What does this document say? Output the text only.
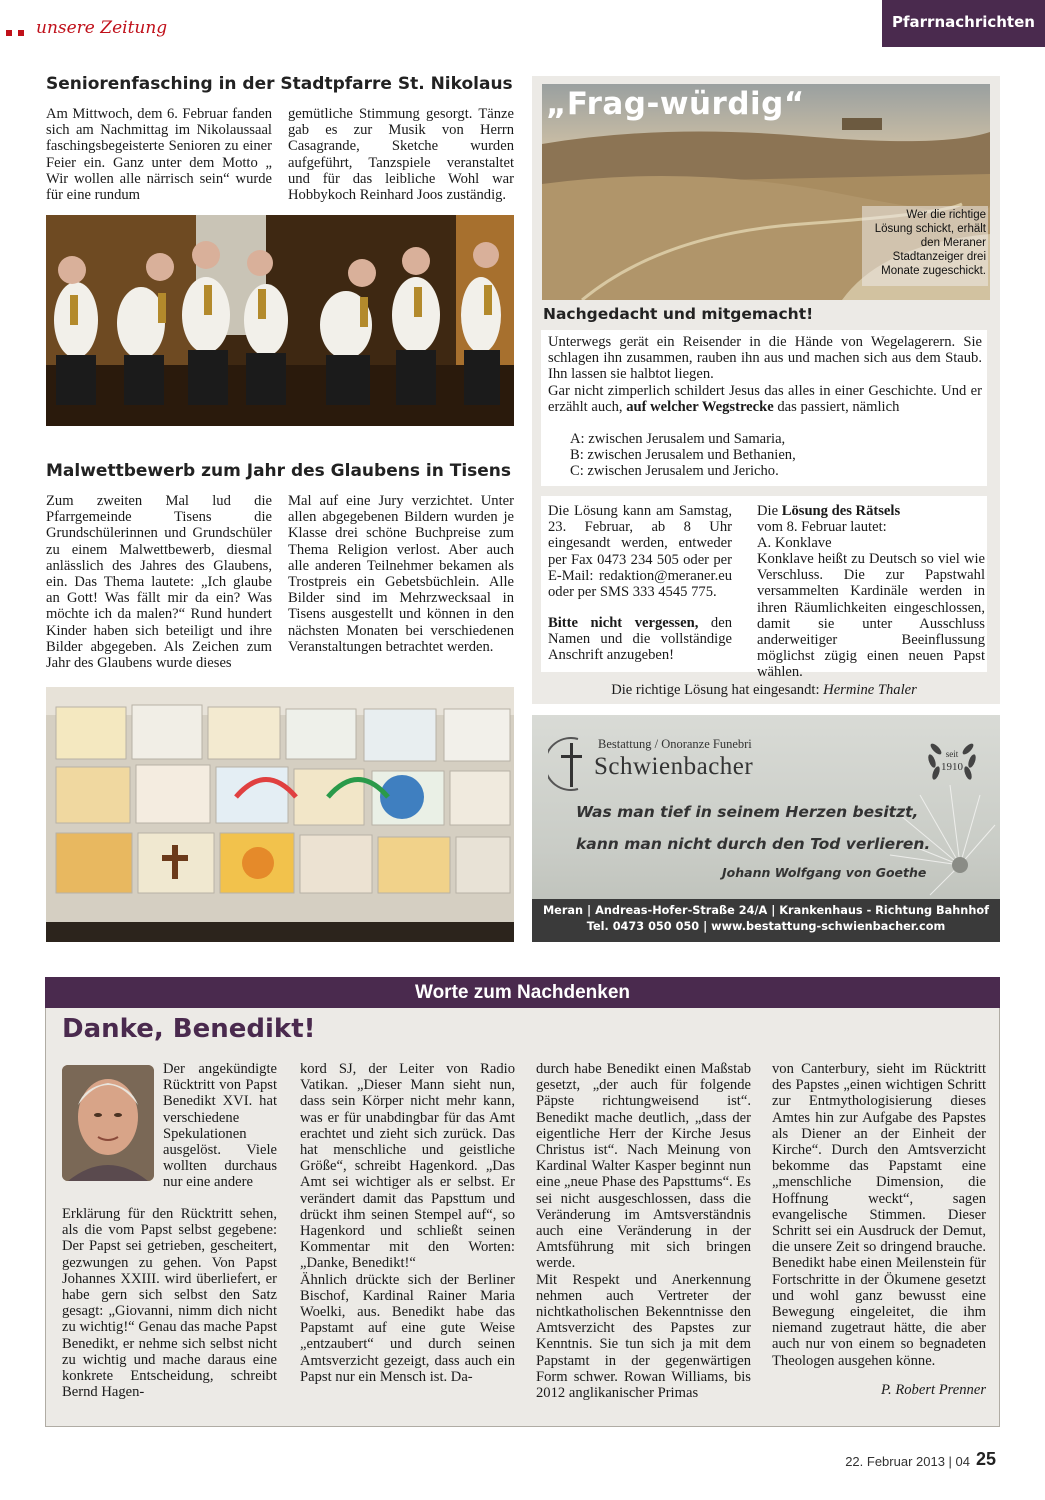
unsere Zeitung	Pfarrnachrichten
Seniorenfasching in der Stadtpfarre St. Nikolaus
Am Mittwoch, dem 6. Februar fanden sich am Nachmittag im Nikolaussaal faschingsbegeisterte Senioren zu einer Feier ein. Ganz unter dem Motto „ Wir wollen alle närrisch sein“ wurde für eine rundum
gemütliche Stimmung gesorgt. Tänze gab es zur Musik von Herrn Casagrande, Sketche wurden aufgeführt, Tanzspiele veranstaltet und für das leibliche Wohl war Hobbykoch Reinhard Joos zuständig.
Malwettbewerb zum Jahr des Glaubens in Tisens
Zum zweiten Mal lud die Pfarrgemeinde Tisens die Grundschülerinnen und Grundschüler zu einem Malwettbewerb, diesmal anlässlich des Jahres des Glaubens, ein. Das Thema lautete: „Ich glaube an Gott! Was fällt mir da ein? Was möchte ich da malen?“ Rund hundert Kinder haben sich beteiligt und ihre Bilder abgegeben. Als Zeichen zum Jahr des Glaubens wurde dieses
Mal auf eine Jury verzichtet. Unter allen abgegebenen Bildern wurden je Klasse drei schöne Buchpreise zum Thema Religion verlost. Aber auch alle anderen Teilnehmer bekamen als Trostpreis ein Gebetsbüchlein. Alle Bilder sind im Mehrzwecksaal in Tisens ausgestellt und können in den nächsten Monaten bei verschiedenen Veranstaltungen betrachtet werden.
Wer die richtige Lösung schickt, erhält den Meraner Stadtanzeiger drei Monate zugeschickt.
„Frag-würdig“
Nachgedacht und mitgemacht!
Unterwegs gerät ein Reisender in die Hände von Wegelagerern. Sie schlagen ihn zusammen, rauben ihn aus und machen sich aus dem Staub. Ihn lassen sie halbtot liegen.
Gar nicht zimperlich schildert Jesus das alles in einer Geschichte. Und er erzählt auch, auf welcher Wegstrecke das passiert, nämlich
A: zwischen Jerusalem und Samaria,
B: zwischen Jerusalem und Bethanien,
C: zwischen Jerusalem und Jericho.
Die Lösung kann am Samstag, 23. Februar, ab 8 Uhr eingesandt werden, entweder per Fax 0473 234 505 oder per E-Mail: redaktion@meraner.eu oder per SMS 333 4545 775.
Bitte nicht vergessen, den Namen und die vollständige Anschrift anzugeben!
Die Lösung des Rätsels
vom 8. Februar lautet:
A. Konklave
Konklave heißt zu Deutsch so viel wie Verschluss. Die zur Papstwahl versammelten Kardinäle werden in ihren Räumlichkeiten eingeschlossen, damit sie unter Ausschluss anderweitiger Beeinflussung möglichst zügig einen neuen Papst wählen.
Die richtige Lösung hat eingesandt: Hermine Thaler
Bestattung / Onoranze Funebri
Schwienbacher	seit
1910
Was man tief in seinem Herzen besitzt,
kann man nicht durch den Tod verlieren.
Johann Wolfgang von Goethe
Meran | Andreas-Hofer-Straße 24/A | Krankenhaus - Richtung Bahnhof
Tel. 0473 050 050 | www.bestattung-schwienbacher.com
Worte zum Nachdenken
Danke, Benedikt!
Der angekündigte Rücktritt von Papst Benedikt XVI. hat verschiedene Spekulationen ausgelöst. Viele wollten durchaus nur eine andere
Erklärung für den Rücktritt sehen, als die vom Papst selbst gegebene: Der Papst sei getrieben, gescheitert, gezwungen zu gehen. Von Papst Johannes XXIII. wird überliefert, er habe gern sich selbst den Satz gesagt: „Giovanni, nimm dich nicht zu wichtig!“ Genau das mache Papst Benedikt, er nehme sich selbst nicht zu wichtig und mache daraus eine konkrete Entscheidung, schreibt Bernd Hagen-

kord SJ, der Leiter von Radio Vatikan. „Dieser Mann sieht nun, dass sein Körper nicht mehr kann, was er für unabdingbar für das Amt erachtet und zieht sich zurück. Das hat menschliche und geistliche Größe“, schreibt Hagenkord. „Das Amt sei wichtiger als er selbst. Er verändert damit das Papsttum und drückt ihm seinen Stempel auf“, so Hagenkord und schließt seinen Kommentar mit den Worten: „Danke, Benedikt!“

Ähnlich drückte sich der Berliner Bischof, Kardinal Rainer Maria Woelki, aus. Benedikt habe das Papstamt auf eine gute Weise „entzaubert“ und durch seinen Amtsverzicht gezeigt, dass auch ein Papst nur ein Mensch ist. Da-

durch habe Benedikt einen Maßstab gesetzt, „der auch für folgende Päpste richtungweisend ist“. Benedikt mache deutlich, „dass der eigentliche Herr der Kirche Jesus Christus ist“. Nach Meinung von Kardinal Walter Kasper beginnt nun eine „neue Phase des Papsttums“. Es sei nicht ausgeschlossen, dass die Veränderung im Amtsverständnis auch eine Veränderung in der Amtsführung mit sich bringen werde.

Mit Respekt und Anerkennung nehmen auch Vertreter der nichtkatholischen Bekenntnisse den Amtsverzicht des Papstes zur Kenntnis. Sie tun sich ja mit dem Papstamt in der gegenwärtigen Form schwer. Rowan Williams, bis 2012 anglikanischer Primas

von Canterbury, sieht im Rücktritt des Papstes „einen wichtigen Schritt zur Entmythologisierung dieses Amtes hin zur Aufgabe des Papstes als Diener an der Einheit der Kirche“. Durch den Amtsverzicht bekomme das Papstamt eine „menschliche Dimension, die Hoffnung weckt“, sagen evangelische Stimmen. Dieser Schritt sei ein Ausdruck der Demut, die unsere Zeit so dringend brauche. Benedikt habe einen Meilenstein für Fortschritte in der Ökumene gesetzt und wohl ganz bewusst eine Bewegung eingeleitet, die ihm niemand zugetraut hätte, die aber auch nur von einem so begnadeten Theologen ausgehen könne.
P. Robert Prenner
22. Februar 2013 | 04 25
